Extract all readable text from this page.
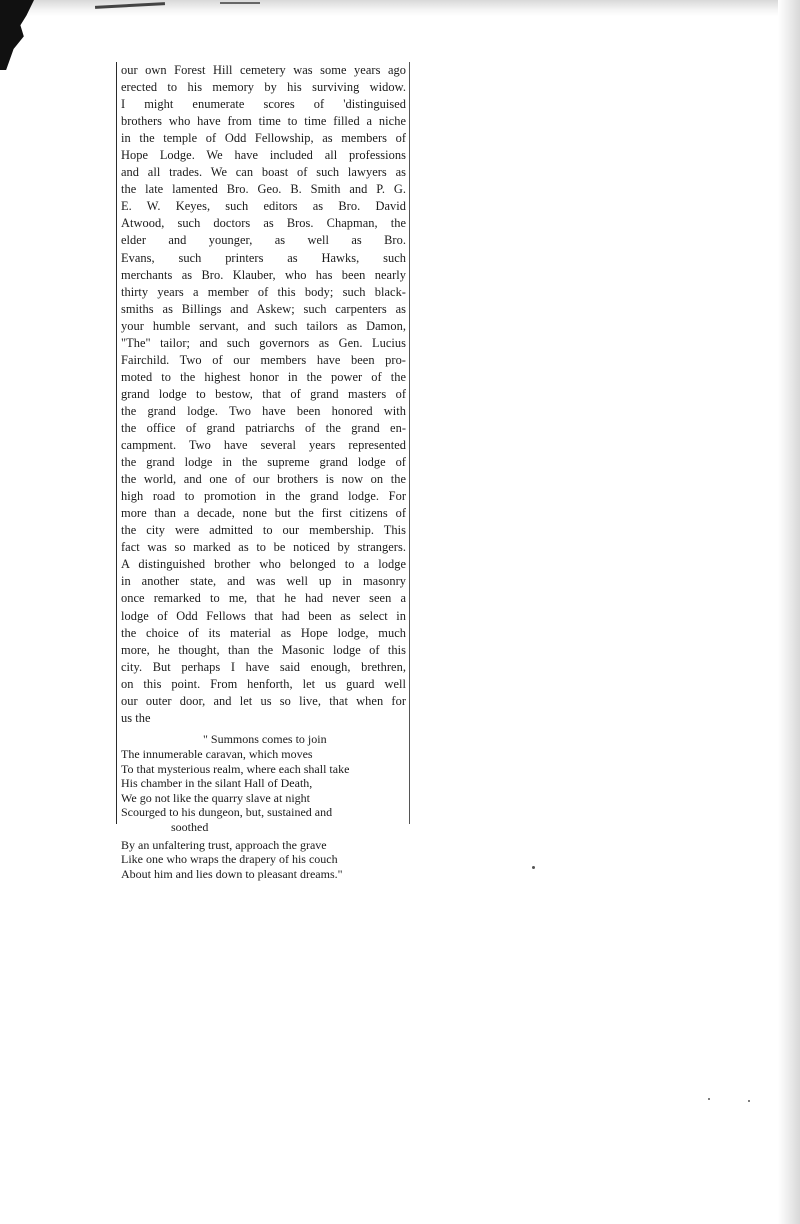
our own Forest Hill cemetery was some years ago
erected to his memory by his surviving widow.
I might enumerate scores of 'distinguised
brothers who have from time to time filled a niche
in the temple of Odd Fellowship, as members of
Hope Lodge. We have included all professions
and all trades. We can boast of such lawyers as
the late lamented Bro. Geo. B. Smith and P. G.
E. W. Keyes, such editors as Bro. David
Atwood, such doctors as Bros. Chapman, the
elder and younger, as well as Bro.
Evans, such printers as Hawks, such
merchants as Bro. Klauber, who has been nearly
thirty years a member of this body; such black-
smiths as Billings and Askew; such carpenters as
your humble servant, and such tailors as Damon,
"The" tailor; and such governors as Gen. Lucius
Fairchild. Two of our members have been pro-
moted to the highest honor in the power of the
grand lodge to bestow, that of grand masters of
the grand lodge. Two have been honored with
the office of grand patriarchs of the grand en-
campment. Two have several years represented
the grand lodge in the supreme grand lodge of
the world, and one of our brothers is now on the
high road to promotion in the grand lodge. For
more than a decade, none but the first citizens of
the city were admitted to our membership. This
fact was so marked as to be noticed by strangers.
A distinguished brother who belonged to a lodge
in another state, and was well up in masonry
once remarked to me, that he had never seen a
lodge of Odd Fellows that had been as select in
the choice of its material as Hope lodge, much
more, he thought, than the Masonic lodge of this
city. But perhaps I have said enough, brethren,
on this point. From henforth, let us guard well
our outer door, and let us so live, that when for
us the
" Summons comes to join
The innumerable caravan, which moves
To that mysterious realm, where each shall take
His chamber in the silant Hall of Death,
We go not like the quarry slave at night
Scourged to his dungeon, but, sustained and
soothed
By an unfaltering trust, approach the grave
Like one who wraps the drapery of his couch
About him and lies down to pleasant dreams."
